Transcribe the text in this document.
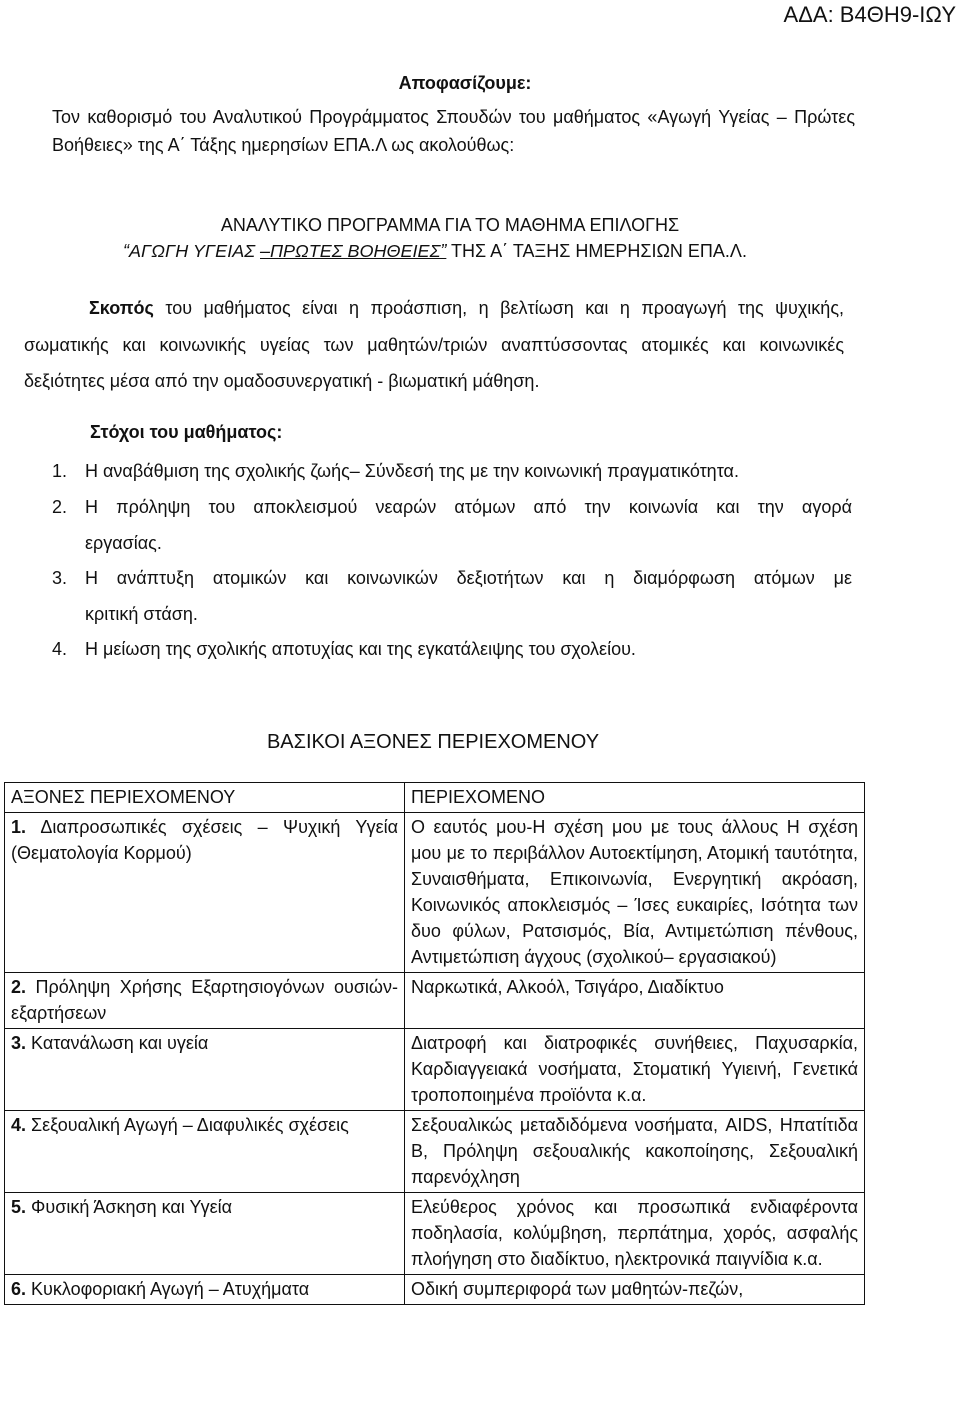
ΑΔΑ: Β4ΘΗ9-ΙΩΥ
Αποφασίζουμε:
Τον καθορισμό του Αναλυτικού Προγράμματος Σπουδών του μαθήματος «Αγωγή Υγείας – Πρώτες Βοήθειες» της Α΄ Τάξης ημερησίων ΕΠΑ.Λ ως ακολούθως:
ΑΝΑΛΥΤΙΚΟ ΠΡΟΓΡΑΜΜΑ ΓΙΑ ΤΟ ΜΑΘΗΜΑ ΕΠΙΛΟΓΗΣ
“ΑΓΩΓΗ ΥΓΕΙΑΣ –ΠΡΩΤΕΣ ΒΟΗΘΕΙΕΣ” ΤΗΣ Α΄ ΤΑΞΗΣ ΗΜΕΡΗΣΙΩΝ ΕΠΑ.Λ.
Σκοπός του μαθήματος είναι η προάσπιση, η βελτίωση και η προαγωγή της ψυχικής, σωματικής και κοινωνικής υγείας των μαθητών/τριών αναπτύσσοντας ατομικές και κοινωνικές δεξιότητες μέσα από την ομαδοσυνεργατική - βιωματική μάθηση.
Στόχοι του μαθήματος:
1. Η αναβάθμιση της σχολικής ζωής– Σύνδεσή της με την κοινωνική πραγματικότητα.
2. Η πρόληψη του αποκλεισμού νεαρών ατόμων από την κοινωνία και την αγορά
εργασίας.
3. Η ανάπτυξη ατομικών και κοινωνικών δεξιοτήτων και η διαμόρφωση ατόμων με
κριτική στάση.
4. Η μείωση της σχολικής αποτυχίας και της εγκατάλειψης του σχολείου.
ΒΑΣΙΚΟΙ ΑΞΟΝΕΣ ΠΕΡΙΕΧΟΜΕΝΟΥ
ΑΞΟΝΕΣ ΠΕΡΙΕΧΟΜΕΝΟΥ	ΠΕΡΙΕΧΟΜΕΝΟ
1. Διαπροσωπικές σχέσεις – Ψυχική Υγεία (Θεματολογία Κορμού)	Ο εαυτός μου-Η σχέση μου με τους άλλους Η σχέση μου με το περιβάλλον Αυτοεκτίμηση, Ατομική ταυτότητα, Συναισθήματα, Επικοινωνία, Ενεργητική ακρόαση, Κοινωνικός αποκλεισμός – Ίσες ευκαιρίες, Ισότητα των δυο φύλων, Ρατσισμός, Βία, Αντιμετώπιση πένθους, Αντιμετώπιση άγχους (σχολικού– εργασιακού)
2. Πρόληψη Χρήσης Εξαρτησιογόνων ουσιών-εξαρτήσεων	Ναρκωτικά, Αλκοόλ, Τσιγάρο, Διαδίκτυο
3. Κατανάλωση και υγεία	Διατροφή και διατροφικές συνήθειες, Παχυσαρκία, Καρδιαγγειακά νοσήματα, Στοματική Υγιεινή, Γενετικά τροποποιημένα προϊόντα κ.α.
4. Σεξουαλική Αγωγή – Διαφυλικές σχέσεις	Σεξουαλικώς μεταδιδόμενα νοσήματα, AIDS, Ηπατίτιδα Β, Πρόληψη σεξουαλικής κακοποίησης, Σεξουαλική παρενόχληση
5. Φυσική Άσκηση και Υγεία	Ελεύθερος χρόνος και προσωπικά ενδιαφέροντα ποδηλασία, κολύμβηση, περπάτημα, χορός, ασφαλής πλοήγηση στο διαδίκτυο, ηλεκτρονικά παιγνίδια κ.α.
6. Κυκλοφοριακή Αγωγή – Ατυχήματα	Οδική συμπεριφορά των μαθητών-πεζών,
